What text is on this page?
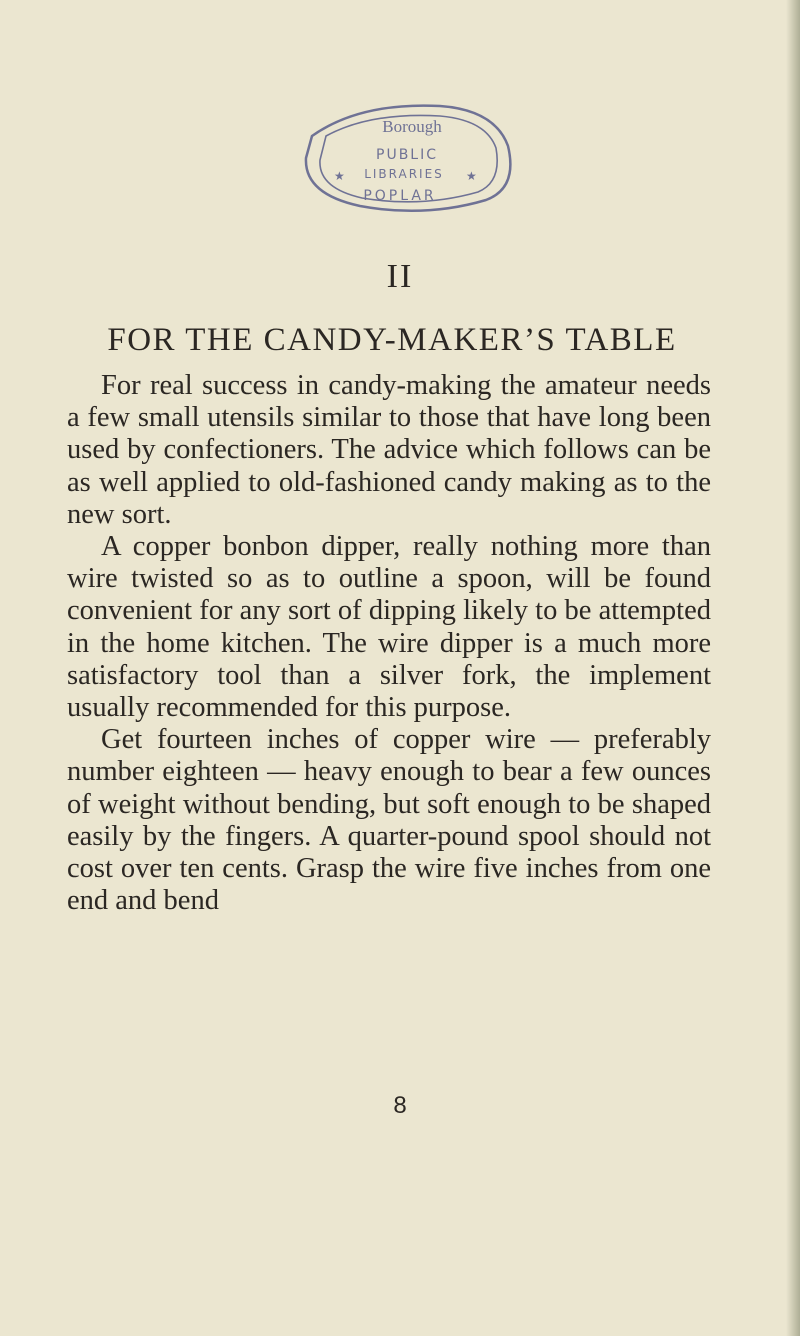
Borough
PUBLIC
LIBRARIES
POPLAR
★	★
II
FOR THE CANDY-MAKER’S TABLE

For real success in candy-making the amateur needs a few small utensils similar to those that have long been used by confectioners. The advice which follows can be as well applied to old-fashioned candy making as to the new sort.

A copper bonbon dipper, really nothing more than wire twisted so as to outline a spoon, will be found convenient for any sort of dipping likely to be attempted in the home kitchen. The wire dipper is a much more satisfactory tool than a silver fork, the implement usually recommended for this purpose.

Get fourteen inches of copper wire — preferably number eighteen — heavy enough to bear a few ounces of weight without bending, but soft enough to be shaped easily by the fingers. A quarter-pound spool should not cost over ten cents. Grasp the wire five inches from one end and bend

8
